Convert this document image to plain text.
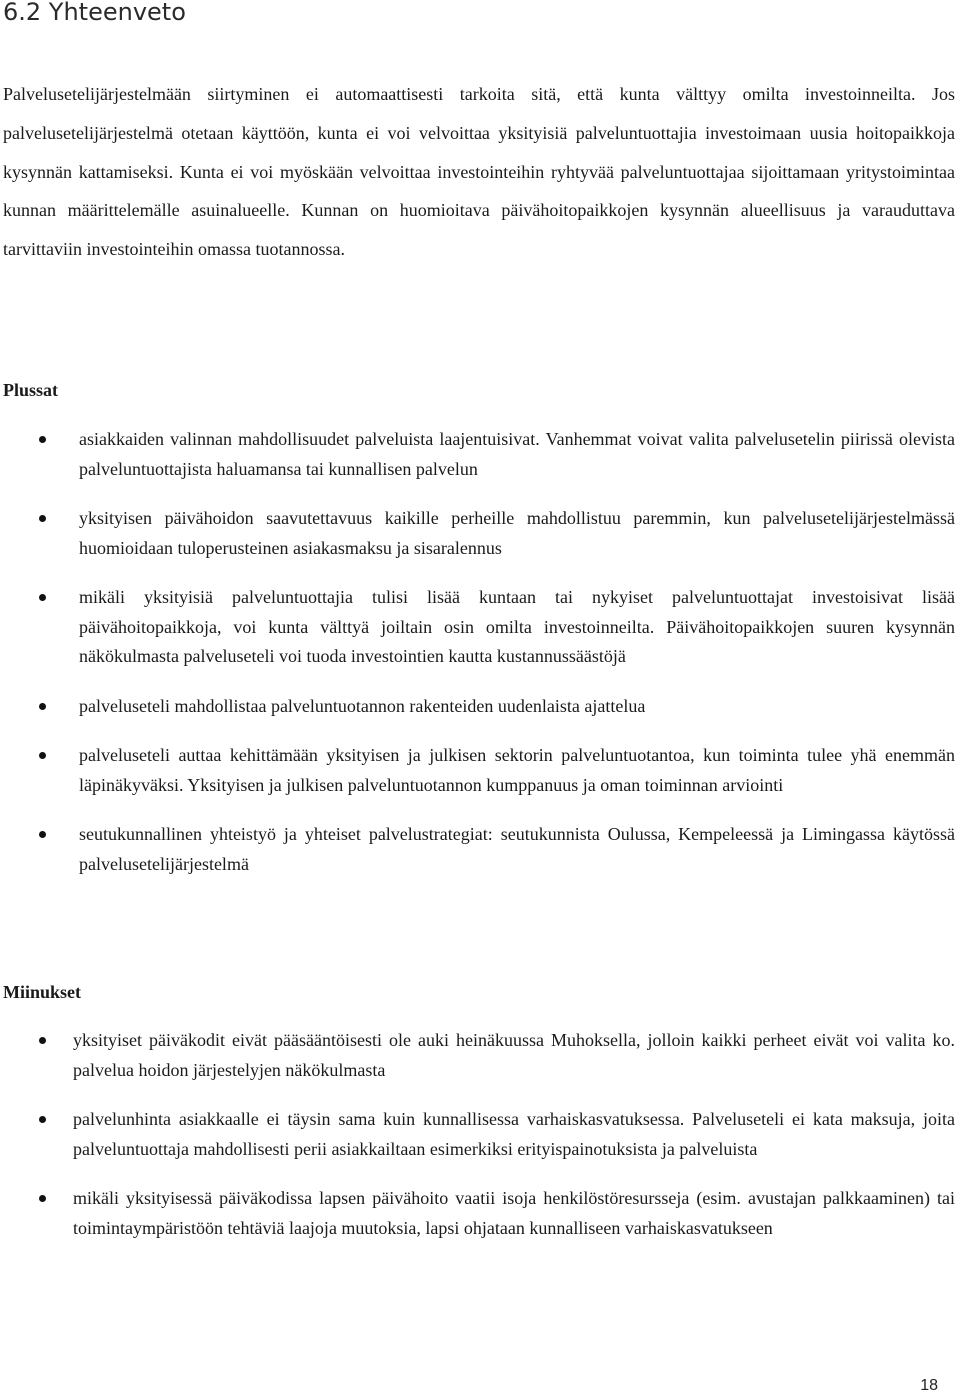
6.2 Yhteenveto

Palvelusetelijärjestelmään siirtyminen ei automaattisesti tarkoita sitä, että kunta välttyy omilta investoinneilta. Jos palvelusetelijärjestelmä otetaan käyttöön, kunta ei voi velvoittaa yksityisiä palveluntuottajia investoimaan uusia hoitopaikkoja kysynnän kattamiseksi. Kunta ei voi myöskään velvoittaa investointeihin ryhtyvää palveluntuottajaa sijoittamaan yritystoimintaa kunnan määrittelemälle asuinalueelle. Kunnan on huomioitava päivähoitopaikkojen kysynnän alueellisuus ja varauduttava tarvittaviin investointeihin omassa tuotannossa.

Plussat
asiakkaiden valinnan mahdollisuudet palveluista laajentuisivat. Vanhemmat voivat valita palvelusetelin piirissä olevista palveluntuottajista haluamansa tai kunnallisen palvelun
yksityisen päivähoidon saavutettavuus kaikille perheille mahdollistuu paremmin, kun palvelusetelijärjestelmässä huomioidaan tuloperusteinen asiakasmaksu ja sisaralennus
mikäli yksityisiä palveluntuottajia tulisi lisää kuntaan tai nykyiset palveluntuottajat investoisivat lisää päivähoitopaikkoja, voi kunta välttyä joiltain osin omilta investoinneilta. Päivähoitopaikkojen suuren kysynnän näkökulmasta palveluseteli voi tuoda investointien kautta kustannussäästöjä
palveluseteli mahdollistaa palveluntuotannon rakenteiden uudenlaista ajattelua
palveluseteli auttaa kehittämään yksityisen ja julkisen sektorin palveluntuotantoa, kun toiminta tulee yhä enemmän läpinäkyväksi. Yksityisen ja julkisen palveluntuotannon kumppanuus ja oman toiminnan arviointi
seutukunnallinen yhteistyö ja yhteiset palvelustrategiat: seutukunnista Oulussa, Kempeleessä ja Limingassa käytössä palvelusetelijärjestelmä
Miinukset
yksityiset päiväkodit eivät pääsääntöisesti ole auki heinäkuussa Muhoksella, jolloin kaikki perheet eivät voi valita ko. palvelua hoidon järjestelyjen näkökulmasta
palvelunhinta asiakkaalle ei täysin sama kuin kunnallisessa varhaiskasvatuksessa. Palveluseteli ei kata maksuja, joita palveluntuottaja mahdollisesti perii asiakkailtaan esimerkiksi erityispainotuksista ja palveluista
mikäli yksityisessä päiväkodissa lapsen päivähoito vaatii isoja henkilöstöresursseja (esim. avustajan palkkaaminen) tai toimintaympäristöön tehtäviä laajoja muutoksia, lapsi ohjataan kunnalliseen varhaiskasvatukseen

18
